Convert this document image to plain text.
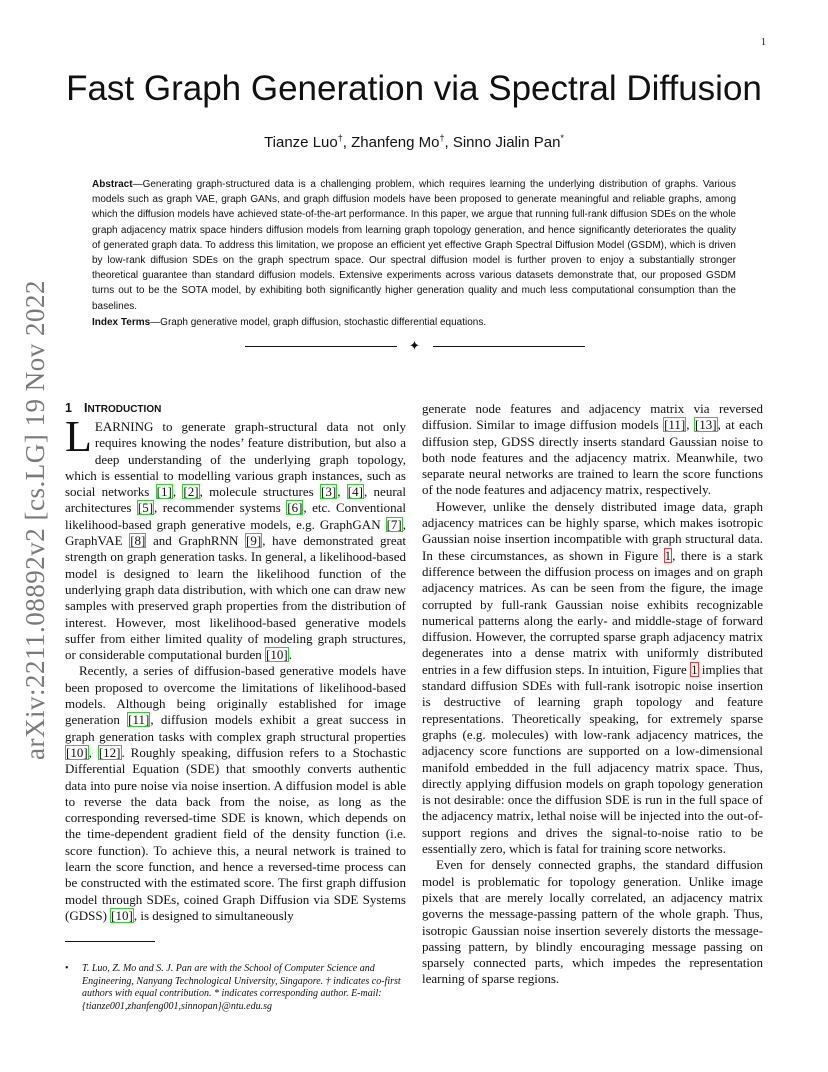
1
arXiv:2211.08892v2 [cs.LG] 19 Nov 2022
Fast Graph Generation via Spectral Diffusion
Tianze Luo†, Zhanfeng Mo†, Sinno Jialin Pan*
Abstract—Generating graph-structured data is a challenging problem, which requires learning the underlying distribution of graphs. Various models such as graph VAE, graph GANs, and graph diffusion models have been proposed to generate meaningful and reliable graphs, among which the diffusion models have achieved state-of-the-art performance. In this paper, we argue that running full-rank diffusion SDEs on the whole graph adjacency matrix space hinders diffusion models from learning graph topology generation, and hence significantly deteriorates the quality of generated graph data. To address this limitation, we propose an efficient yet effective Graph Spectral Diffusion Model (GSDM), which is driven by low-rank diffusion SDEs on the graph spectrum space. Our spectral diffusion model is further proven to enjoy a substantially stronger theoretical guarantee than standard diffusion models. Extensive experiments across various datasets demonstrate that, our proposed GSDM turns out to be the SOTA model, by exhibiting both significantly higher generation quality and much less computational consumption than the baselines.
Index Terms—Graph generative model, graph diffusion, stochastic differential equations.
✦
1 INTRODUCTION

LEARNING to generate graph-structural data not only requires knowing the nodes’ feature distribution, but also a deep understanding of the underlying graph topology, which is essential to modelling various graph instances, such as social networks [1], [2], molecule structures [3], [4], neural architectures [5], recommender systems [6], etc. Conventional likelihood-based graph generative models, e.g. GraphGAN [7], GraphVAE [8] and GraphRNN [9], have demonstrated great strength on graph generation tasks. In general, a likelihood-based model is designed to learn the likelihood function of the underlying graph data distribution, with which one can draw new samples with preserved graph properties from the distribution of interest. However, most likelihood-based generative models suffer from either limited quality of modeling graph structures, or considerable computational burden [10].

Recently, a series of diffusion-based generative models have been proposed to overcome the limitations of likelihood-based models. Although being originally established for image generation [11], diffusion models exhibit a great success in graph generation tasks with complex graph structural properties [10], [12]. Roughly speaking, diffusion refers to a Stochastic Differential Equation (SDE) that smoothly converts authentic data into pure noise via noise insertion. A diffusion model is able to reverse the data back from the noise, as long as the corresponding reversed-time SDE is known, which depends on the time-dependent gradient field of the density function (i.e. score function). To achieve this, a neural network is trained to learn the score function, and hence a reversed-time process can be constructed with the estimated score. The first graph diffusion model through SDEs, coined Graph Diffusion via SDE Systems (GDSS) [10], is designed to simultaneously

generate node features and adjacency matrix via reversed diffusion. Similar to image diffusion models [11], [13], at each diffusion step, GDSS directly inserts standard Gaussian noise to both node features and the adjacency matrix. Meanwhile, two separate neural networks are trained to learn the score functions of the node features and adjacency matrix, respectively.

However, unlike the densely distributed image data, graph adjacency matrices can be highly sparse, which makes isotropic Gaussian noise insertion incompatible with graph structural data. In these circumstances, as shown in Figure 1, there is a stark difference between the diffusion process on images and on graph adjacency matrices. As can be seen from the figure, the image corrupted by full-rank Gaussian noise exhibits recognizable numerical patterns along the early- and middle-stage of forward diffusion. However, the corrupted sparse graph adjacency matrix degenerates into a dense matrix with uniformly distributed entries in a few diffusion steps. In intuition, Figure 1 implies that standard diffusion SDEs with full-rank isotropic noise insertion is destructive of learning graph topology and feature representations. Theoretically speaking, for extremely sparse graphs (e.g. molecules) with low-rank adjacency matrices, the adjacency score functions are supported on a low-dimensional manifold embedded in the full adjacency matrix space. Thus, directly applying diffusion models on graph topology generation is not desirable: once the diffusion SDE is run in the full space of the adjacency matrix, lethal noise will be injected into the out-of-support regions and drives the signal-to-noise ratio to be essentially zero, which is fatal for training score networks.

Even for densely connected graphs, the standard diffusion model is problematic for topology generation. Unlike image pixels that are merely locally correlated, an adjacency matrix governs the message-passing pattern of the whole graph. Thus, isotropic Gaussian noise insertion severely distorts the message-passing pattern, by blindly encouraging message passing on sparsely connected parts, which impedes the representation learning of sparse regions.

• T. Luo, Z. Mo and S. J. Pan are with the School of Computer Science and Engineering, Nanyang Technological University, Singapore. † indicates co-first authors with equal contribution. * indicates corresponding author. E-mail: {tianze001,zhanfeng001,sinnopan}@ntu.edu.sg
